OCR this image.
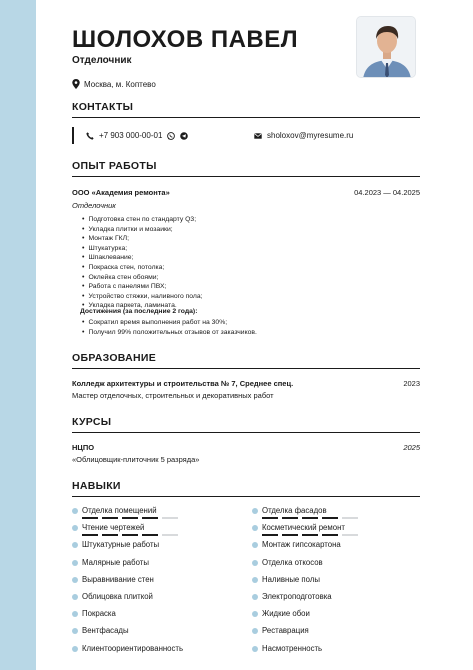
ШОЛОХОВ ПАВЕЛ
Отделочник
Москва, м. Коптево
КОНТАКТЫ
+7 903 000-00-01	sholoxov@myresume.ru
ОПЫТ РАБОТЫ
ООО «Академия ремонта»	04.2023 — 04.2025
Отделочник
• Подготовка стен по стандарту Q3;
• Укладка плитки и мозаики;
• Монтаж ГКЛ;
• Штукатурка;
• Шпаклевание;
• Покраска стен, потолка;
• Оклейка стен обоями;
• Работа с панелями ПВХ;
• Устройство стяжки, наливного пола;
• Укладка паркета, ламината.
Достижения (за последние 2 года):
• Сократил время выполнения работ на 30%;
• Получил 99% положительных отзывов от заказчиков.
ОБРАЗОВАНИЕ
Колледж архитектуры и строительства № 7, Среднее спец.	2023
Мастер отделочных, строительных и декоративных работ
КУРСЫ
НЦПО	2025
«Облицовщик-плиточник 5 разряда»
НАВЫКИ
Отделка помещений	Отделка фасадов
Чтение чертежей	Косметический ремонт
Штукатурные работы	Монтаж гипсокартона
Малярные работы	Отделка откосов
Выравнивание стен	Наливные полы
Облицовка плиткой	Электроподготовка
Покраска	Жидкие обои
Вентфасады	Реставрация
Клиентоориентированность	Насмотренность
